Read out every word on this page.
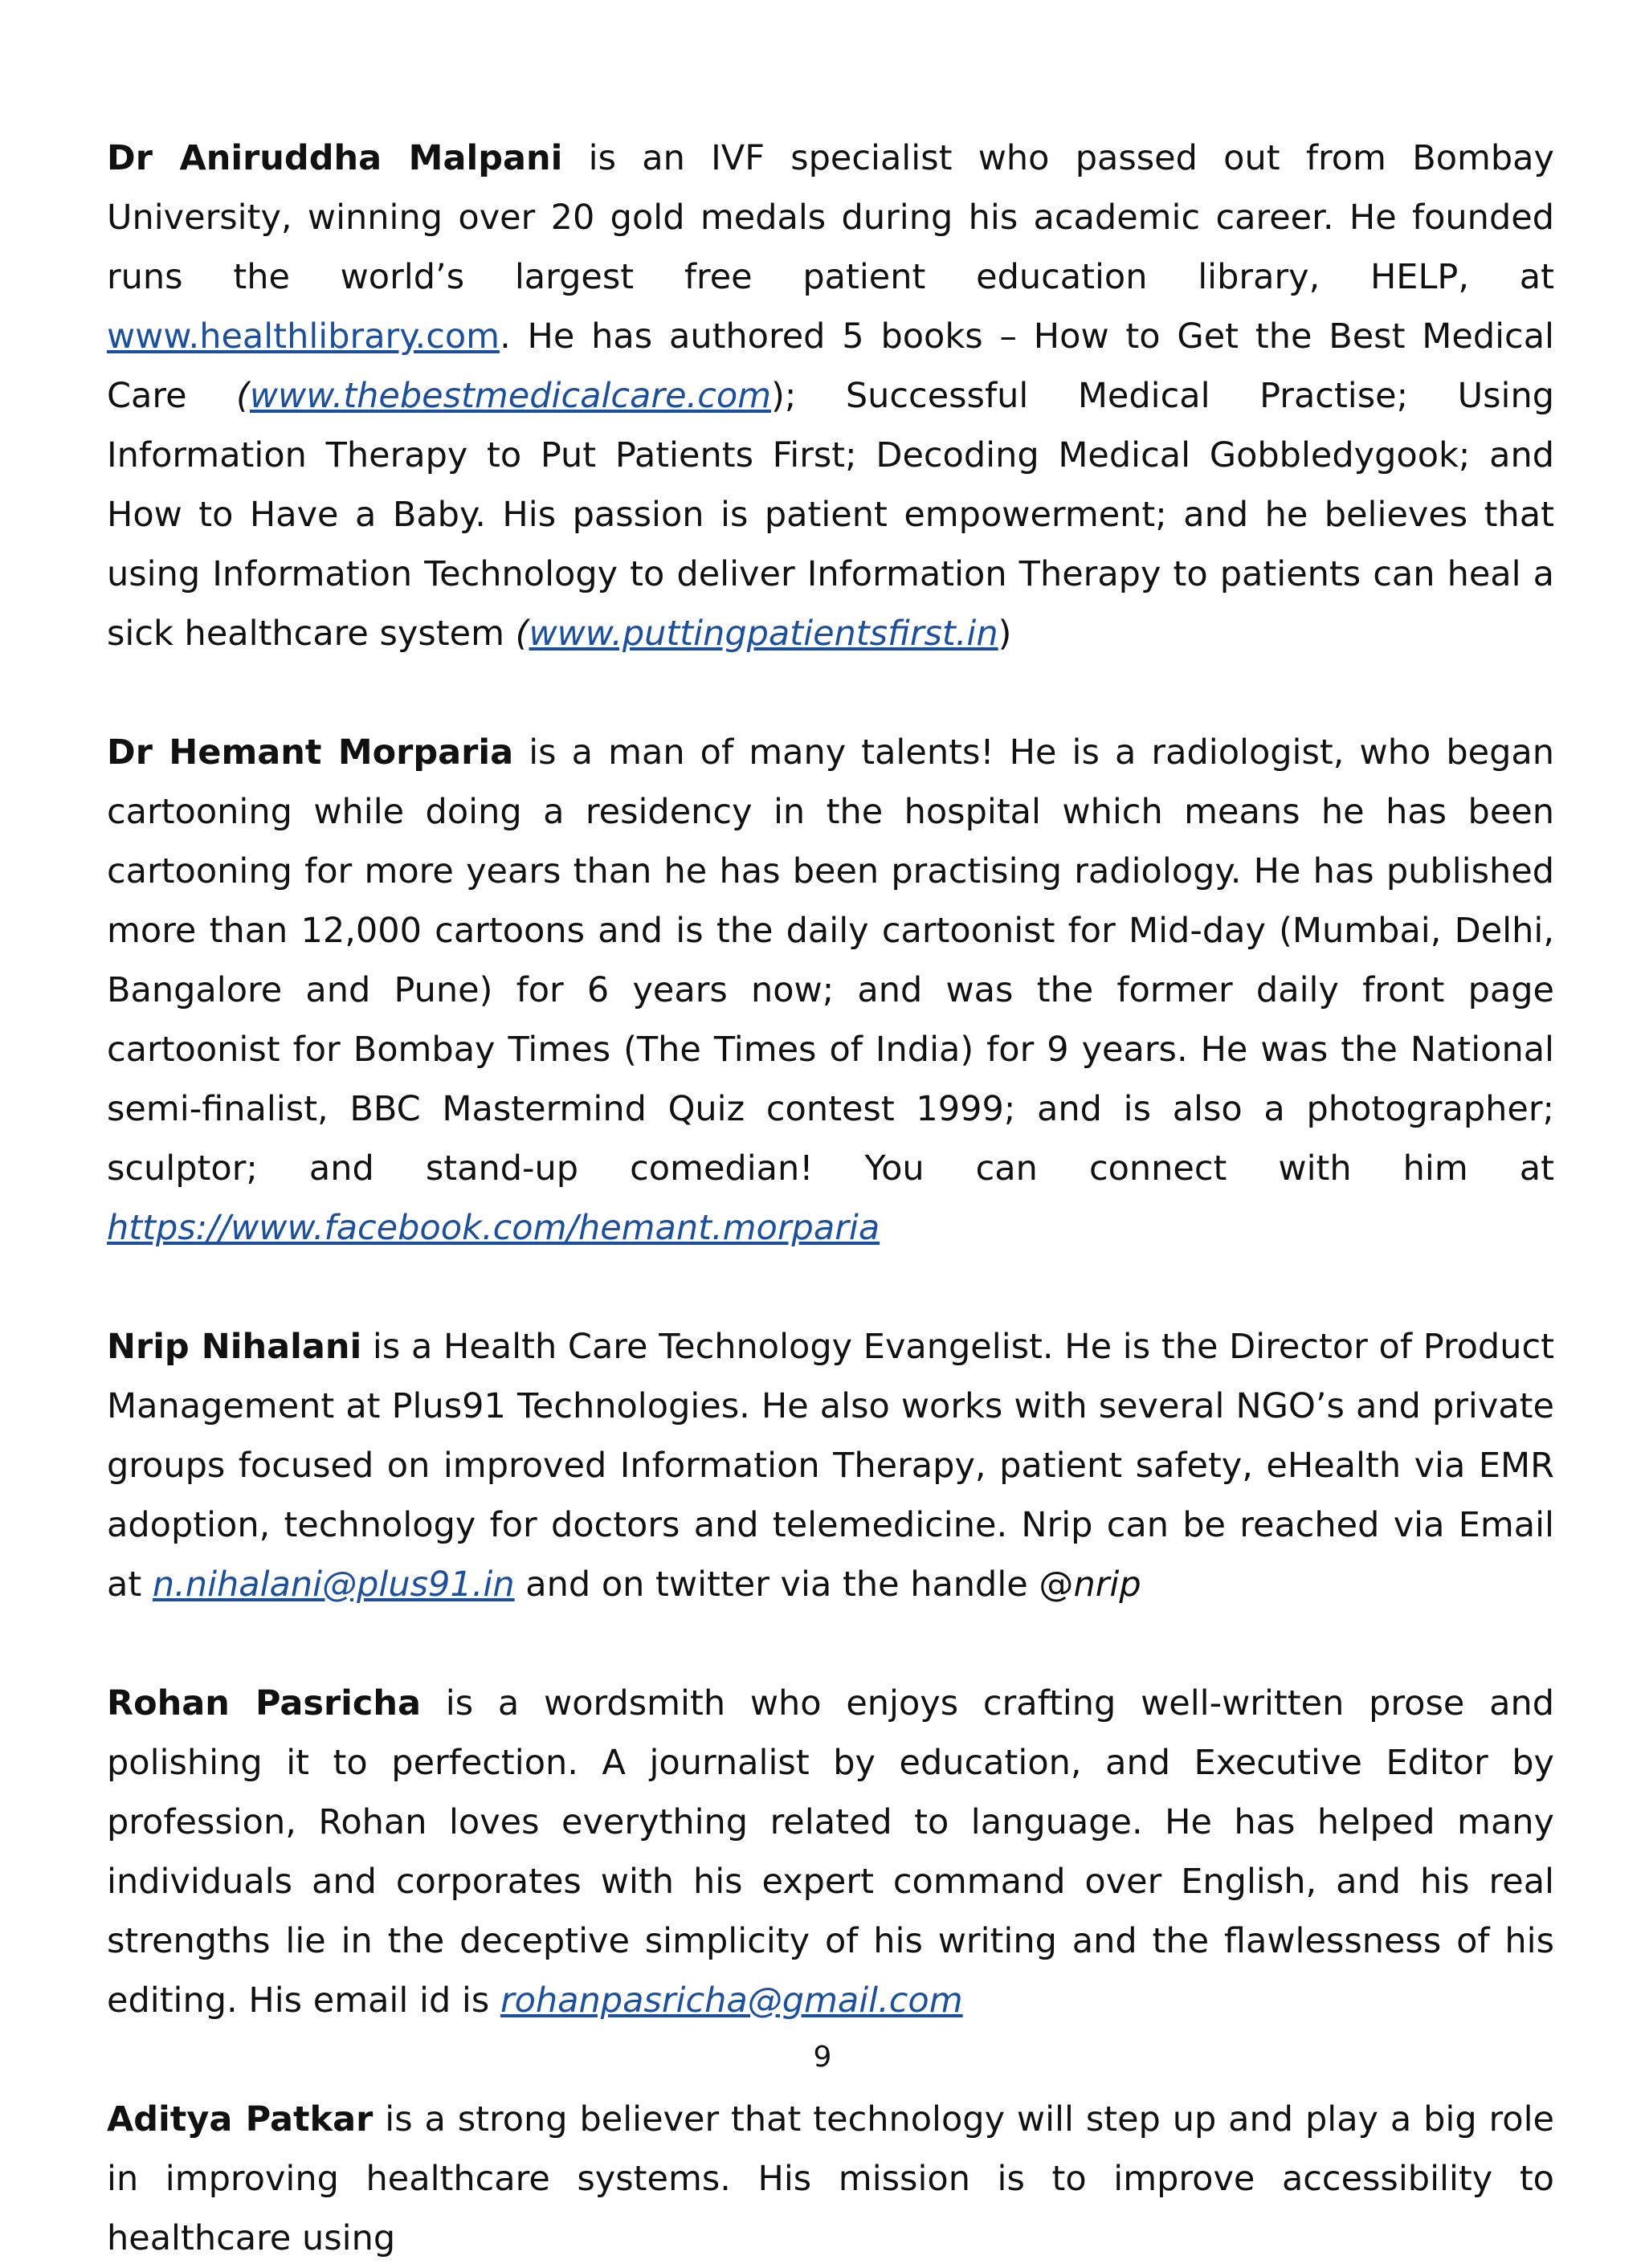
Dr Aniruddha Malpani is an IVF specialist who passed out from Bombay University, winning over 20 gold medals during his academic career. He founded runs the world’s largest free patient education library, HELP, at www.healthlibrary.com. He has authored 5 books – How to Get the Best Medical Care (www.thebestmedicalcare.com); Successful Medical Practise; Using Information Therapy to Put Patients First; Decoding Medical Gobbledygook; and How to Have a Baby. His passion is patient empowerment; and he believes that using Information Technology to deliver Information Therapy to patients can heal a sick healthcare system (www.puttingpatientsfirst.in)

Dr Hemant Morparia is a man of many talents! He is a radiologist, who began cartooning while doing a residency in the hospital which means he has been cartooning for more years than he has been practising radiology. He has published more than 12,000 cartoons and is the daily cartoonist for Mid-day (Mumbai, Delhi, Bangalore and Pune) for 6 years now; and was the former daily front page cartoonist for Bombay Times (The Times of India) for 9 years. He was the National semi-finalist, BBC Mastermind Quiz contest 1999; and is also a photographer; sculptor; and stand-up comedian! You can connect with him at https://www.facebook.com/hemant.morparia

Nrip Nihalani is a Health Care Technology Evangelist. He is the Director of Product Management at Plus91 Technologies. He also works with several NGO’s and private groups focused on improved Information Therapy, patient safety, eHealth via EMR adoption, technology for doctors and telemedicine. Nrip can be reached via Email at n.nihalani@plus91.in and on twitter via the handle @nrip

Rohan Pasricha is a wordsmith who enjoys crafting well-written prose and polishing it to perfection. A journalist by education, and Executive Editor by profession, Rohan loves everything related to language. He has helped many individuals and corporates with his expert command over English, and his real strengths lie in the deceptive simplicity of his writing and the flawlessness of his editing. His email id is rohanpasricha@gmail.com

Aditya Patkar is a strong believer that technology will step up and play a big role in improving healthcare systems. His mission is to improve accessibility to healthcare using

9
